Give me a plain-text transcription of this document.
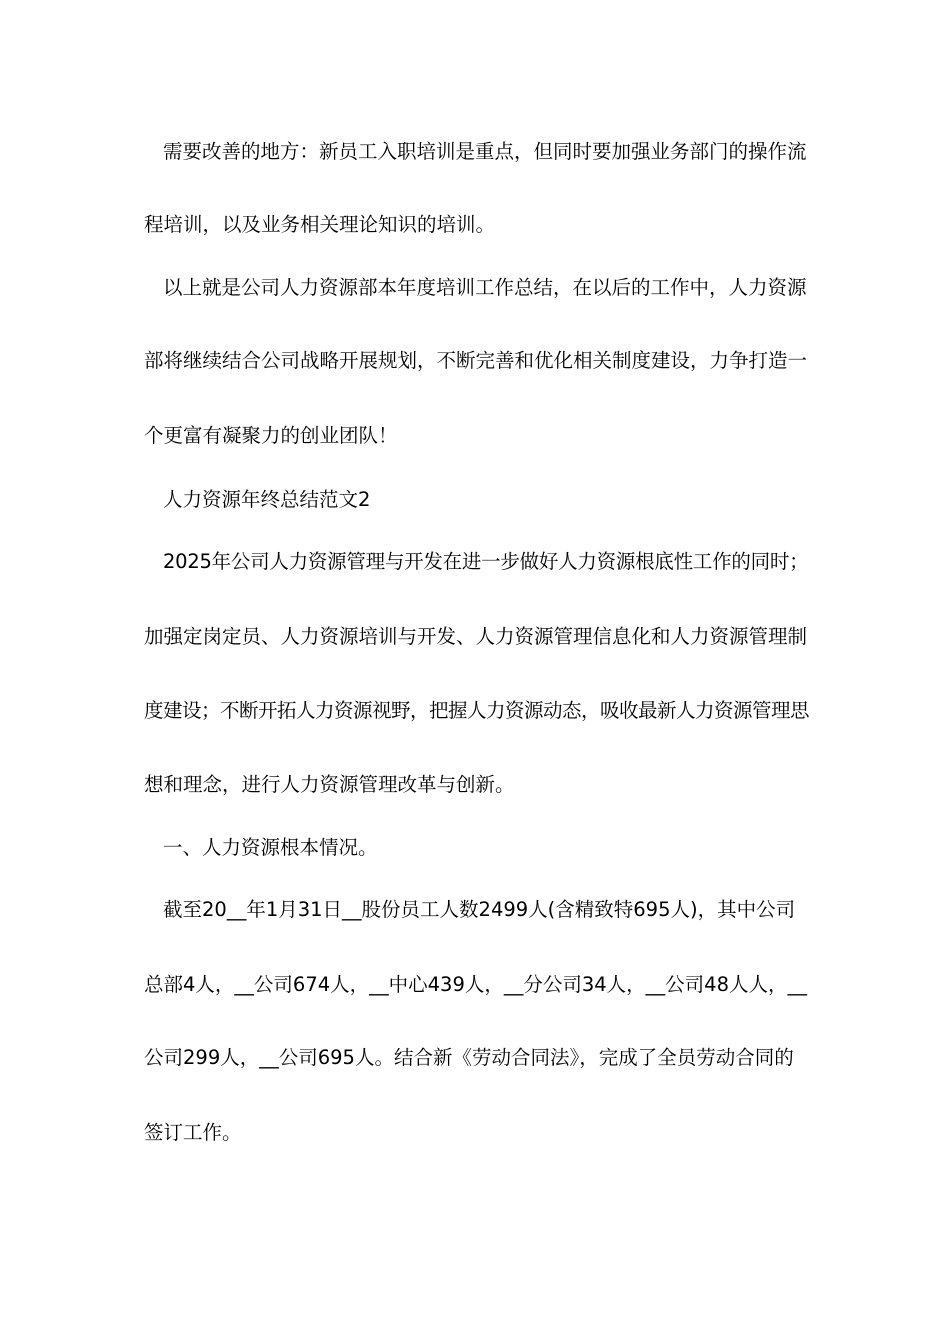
需要改善的地方：新员工入职培训是重点，但同时要加强业务部门的操作流
程培训，以及业务相关理论知识的培训。
以上就是公司人力资源部本年度培训工作总结，在以后的工作中，人力资源
部将继续结合公司战略开展规划，不断完善和优化相关制度建设，力争打造一
个更富有凝聚力的创业团队！
人力资源年终总结范文2
2025年公司人力资源管理与开发在进一步做好人力资源根底性工作的同时；
加强定岗定员、人力资源培训与开发、人力资源管理信息化和人力资源管理制
度建设；不断开拓人力资源视野，把握人力资源动态，吸收最新人力资源管理思
想和理念，进行人力资源管理改革与创新。
一、人力资源根本情况。
截至20__年1月31日__股份员工人数2499人(含精致特695人)，其中公司
总部4人，__公司674人，__中心439人，__分公司34人，__公司48人人，__
公司299人，__公司695人。结合新《劳动合同法》，完成了全员劳动合同的
签订工作。
